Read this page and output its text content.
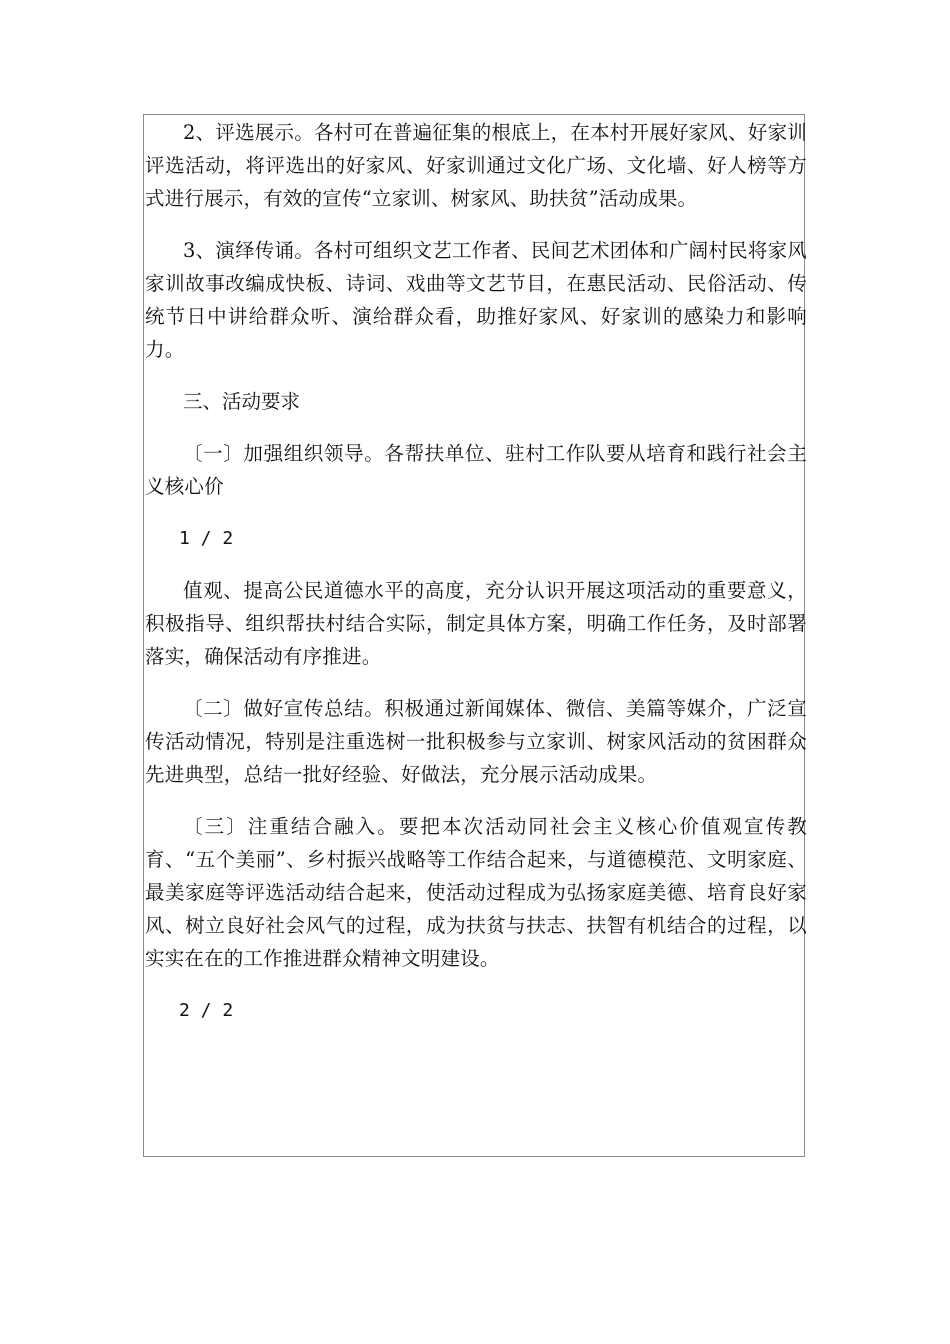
2、评选展示。各村可在普遍征集的根底上，在本村开展好家风、好家训评选活动，将评选出的好家风、好家训通过文化广场、文化墙、好人榜等方式进行展示，有效的宣传“立家训、树家风、助扶贫”活动成果。

3、演绎传诵。各村可组织文艺工作者、民间艺术团体和广阔村民将家风家训故事改编成快板、诗词、戏曲等文艺节目，在惠民活动、民俗活动、传统节日中讲给群众听、演给群众看，助推好家风、好家训的感染力和影响力。

三、活动要求

〔一〕加强组织领导。各帮扶单位、驻村工作队要从培育和践行社会主义核心价

1 / 2

值观、提高公民道德水平的高度，充分认识开展这项活动的重要意义，积极指导、组织帮扶村结合实际，制定具体方案，明确工作任务，及时部署落实，确保活动有序推进。

〔二〕做好宣传总结。积极通过新闻媒体、微信、美篇等媒介，广泛宣传活动情况，特别是注重选树一批积极参与立家训、树家风活动的贫困群众先进典型，总结一批好经验、好做法，充分展示活动成果。

〔三〕注重结合融入。要把本次活动同社会主义核心价值观宣传教育、“五个美丽”、乡村振兴战略等工作结合起来，与道德模范、文明家庭、最美家庭等评选活动结合起来，使活动过程成为弘扬家庭美德、培育良好家风、树立良好社会风气的过程，成为扶贫与扶志、扶智有机结合的过程，以实实在在的工作推进群众精神文明建设。

2 / 2
